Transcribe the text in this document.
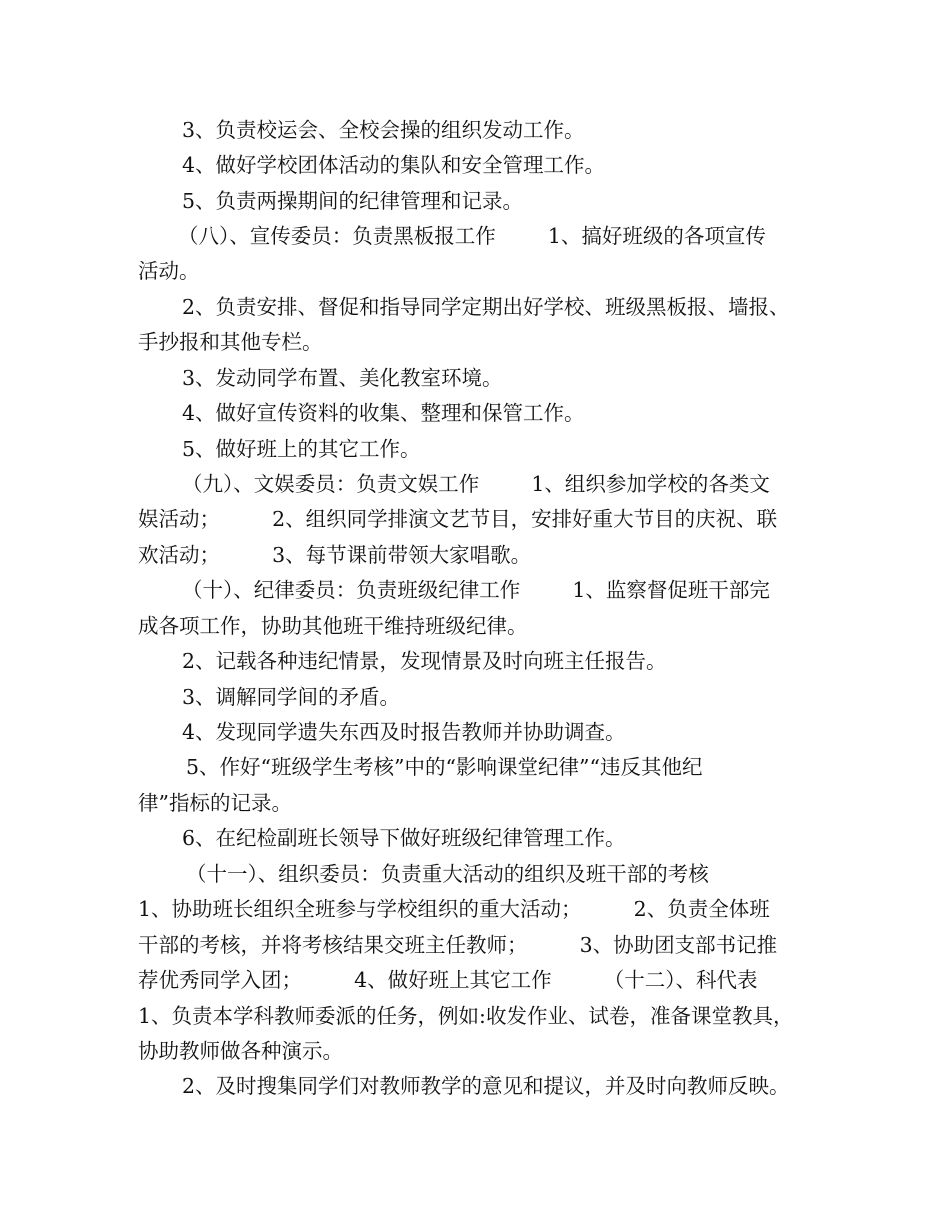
3、负责校运会、全校会操的组织发动工作。

4、做好学校团体活动的集队和安全管理工作。

5、负责两操期间的纪律管理和记录。

（八）、宣传委员：负责黑板报工作        1、搞好班级的各项宣传

活动。

2、负责安排、督促和指导同学定期出好学校、班级黑板报、墙报、

手抄报和其他专栏。

3、发动同学布置、美化教室环境。

4、做好宣传资料的收集、整理和保管工作。

5、做好班上的其它工作。

（九）、文娱委员：负责文娱工作        1、组织参加学校的各类文

娱活动；        2、组织同学排演文艺节目，安排好重大节目的庆祝、联

欢活动；        3、每节课前带领大家唱歌。

（十）、纪律委员：负责班级纪律工作        1、监察督促班干部完

成各项工作，协助其他班干维持班级纪律。

2、记载各种违纪情景，发现情景及时向班主任报告。

3、调解同学间的矛盾。

4、发现同学遗失东西及时报告教师并协助调查。

5、作好“班级学生考核”中的“影响课堂纪律”“违反其他纪

律”指标的记录。

6、在纪检副班长领导下做好班级纪律管理工作。

（十一）、组织委员：负责重大活动的组织及班干部的考核

1、协助班长组织全班参与学校组织的重大活动；        2、负责全体班

干部的考核，并将考核结果交班主任教师；        3、协助团支部书记推

荐优秀同学入团；        4、做好班上其它工作        （十二）、科代表

1、负责本学科教师委派的任务，例如:收发作业、试卷，准备课堂教具，

协助教师做各种演示。

2、及时搜集同学们对教师教学的意见和提议，并及时向教师反映。
